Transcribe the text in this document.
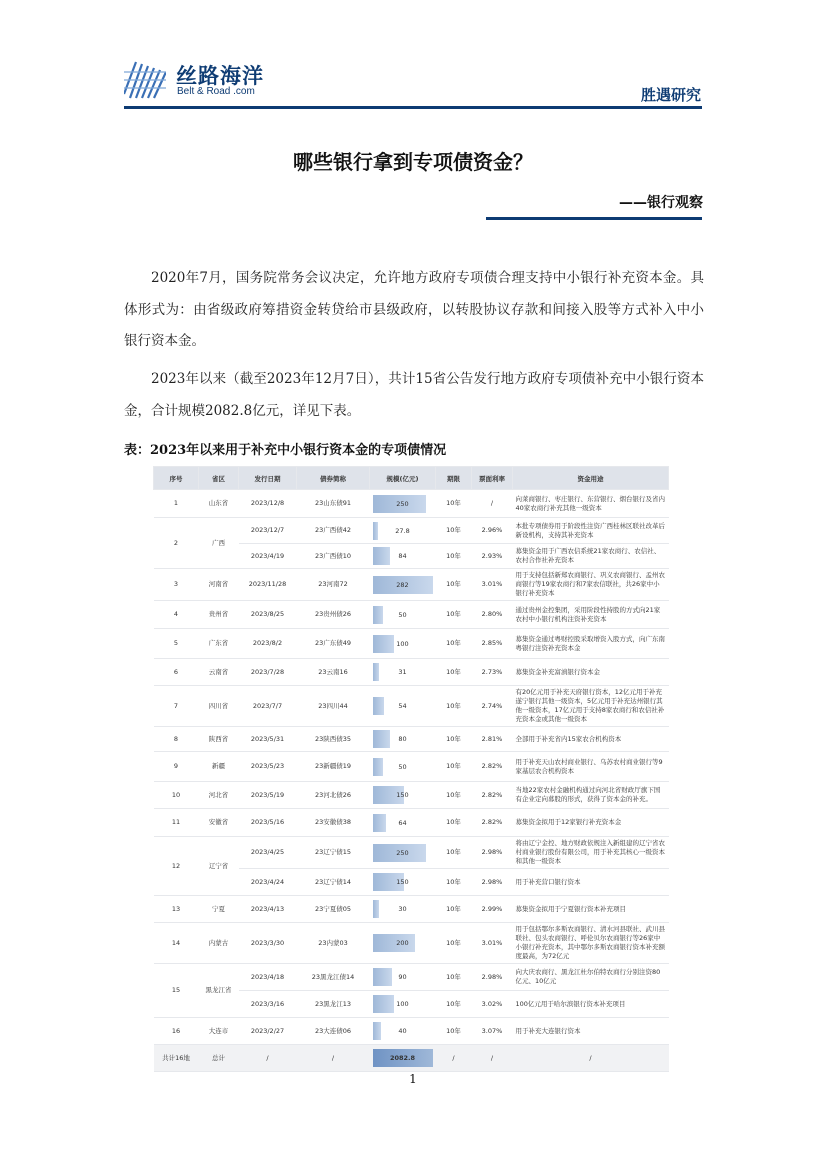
丝路海洋
Belt & Road .com	胜遇研究
哪些银行拿到专项债资金？
——银行观察
2020年7月，国务院常务会议决定，允许地方政府专项债合理支持中小银行补充资本金。具体形式为：由省级政府筹措资金转贷给市县级政府，以转股协议存款和间接入股等方式补入中小银行资本金。
2023年以来（截至2023年12月7日），共计15省公告发行地方政府专项债补充中小银行资本金，合计规模2082.8亿元，详见下表。
表：2023年以来用于补充中小银行资本金的专项债情况
序号	省区	发行日期	债券简称	规模(亿元)	期限	票面利率	资金用途
1	山东省	2023/12/8	23山东债91	250	10年	/	向莱商银行、枣庄银行、东营银行、烟台银行及省内40家农商行补充其他一级资本
2	广西	2023/12/7	23广西债42	27.8	10年	2.96%	本批专项债券用于阶段性注资广西桂林区联社改革后新设机构，支持其补充资本
		2023/4/19	23广西债10	84	10年	2.93%	募集资金用于广西农信系统21家农商行、农信社、农村合作社补充资本
3	河南省	2023/11/28	23河南72	282	10年	3.01%	用于支持包括新郑农商银行、巩义农商银行、孟州农商银行等19家农商行和7家农信联社，共26家中小银行补充资本
4	贵州省	2023/8/25	23贵州债26	50	10年	2.80%	通过贵州金控集团，采用阶段性持股的方式向21家农村中小银行机构注资补充资本
5	广东省	2023/8/2	23广东债49	100	10年	2.85%	募集资金通过粤财控股采取增资入股方式，向广东南粤银行注资补充资本金
6	云南省	2023/7/28	23云南16	31	10年	2.73%	募集资金补充富滇银行资本金
7	四川省	2023/7/7	23四川44	54	10年	2.74%	有20亿元用于补充天府银行资本，12亿元用于补充遂宁银行其他一级资本，5亿元用于补充达州银行其他一级资本，17亿元用于支持8家农商行和农信社补充资本金或其他一级资本
8	陕西省	2023/5/31	23陕西债35	80	10年	2.81%	全部用于补充省内15家农合机构资本
9	新疆	2023/5/23	23新疆债19	50	10年	2.82%	用于补充天山农村商业银行、乌苏农村商业银行等9家基层农合机构资本
10	河北省	2023/5/19	23河北债26	150	10年	2.82%	当地22家农村金融机构通过向河北省财政厅旗下国有企业定向募股的形式，获得了资本金的补充。
11	安徽省	2023/5/16	23安徽债38	64	10年	2.82%	募集资金拟用于12家银行补充资本金
12	辽宁省	2023/4/25	23辽宁债15	250	10年	2.98%	将由辽宁金控、地方财政依规注入新组建的辽宁省农村商业银行股份有限公司，用于补充其核心一级资本和其他一级资本
		2023/4/24	23辽宁债14	150	10年	2.98%	用于补充营口银行资本
13	宁夏	2023/4/13	23宁夏债05	30	10年	2.99%	募集资金拟用于宁夏银行资本补充项目
14	内蒙古	2023/3/30	23内蒙03	200	10年	3.01%	用于包括鄂尔多斯农商银行、清水河县联社、武川县联社、包头农商银行、呼伦贝尔农商银行等26家中小银行补充资本，其中鄂尔多斯农商银行资本补充额度最高，为72亿元
15	黑龙江省	2023/4/18	23黑龙江债14	90	10年	2.98%	向大庆农商行、黑龙江杜尔伯特农商行分别注资80亿元、10亿元
		2023/3/16	23黑龙江13	100	10年	3.02%	100亿元用于哈尔滨银行资本补充项目
16	大连市	2023/2/27	23大连债06	40	10年	3.07%	用于补充大连银行资本
共计16地	总计	/	/	2082.8	/	/	/
1
